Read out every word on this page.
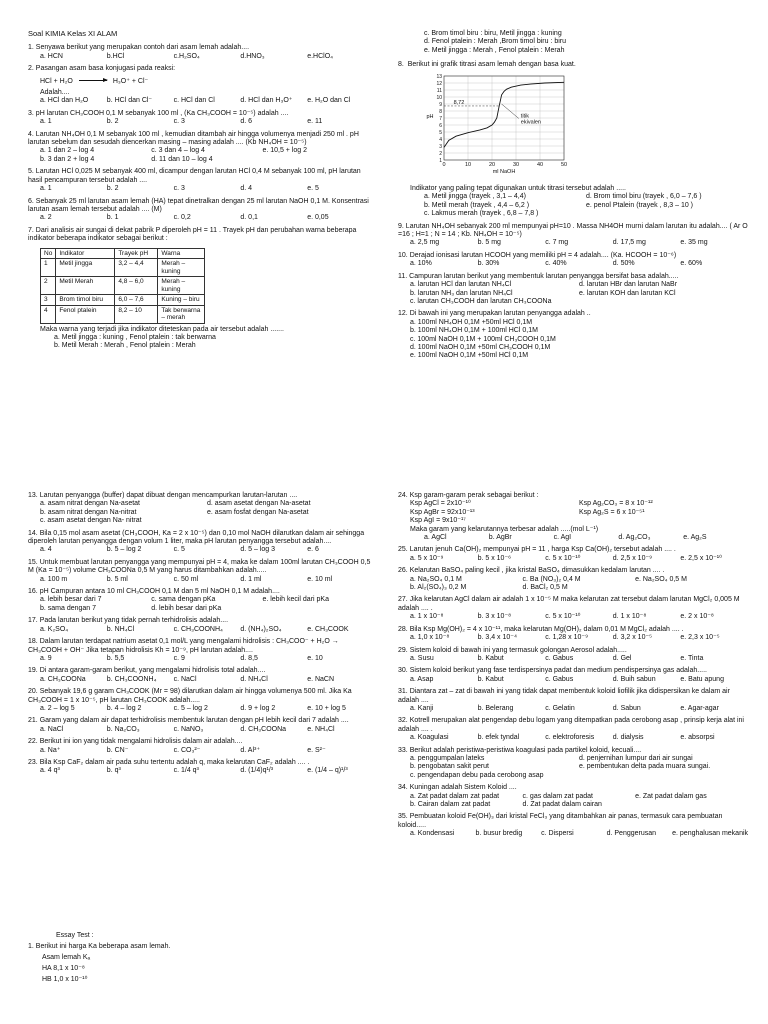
Soal KIMIA Kelas XI ALAM
1. Senyawa berikut yang merupakan contoh dari asam lemah adalah....
a. HCN	b.HCl	c.H₂SO₄	d.HNO₃	e.HClO₄
2. Pasangan asam basa konjugasi pada reaksi:
HCl + H₂O → H₃O⁺ + Cl⁻
Adalah....
a. HCl dan H₂O	b. HCl dan Cl⁻	c. HCl dan Cl	d. HCl dan H₃O⁺	e. H₂O dan Cl
3. pH larutan CH₃COOH 0,1 M sebanyak 100 ml , (Ka CH₃COOH = 10⁻⁵) adalah ....
a. 1	b. 2	c. 3	d. 6	e. 11
4. Larutan NH₄OH 0,1 M sebanyak 100 ml , kemudian ditambah air hingga volumenya menjadi 250 ml . pH larutan sebelum dan sesudah diencerkan masing – masing adalah .... (Kb NH₄OH = 10⁻⁵)
a. 1 dan 2 – log 4	c. 3 dan 4 – log 4	e. 10,5 + log 2
b. 3 dan 2 + log 4	d. 11 dan 10 – log 4
5. Larutan HCl 0,025 M sebanyak 400 ml, dicampur dengan larutan HCl 0,4 M sebanyak 100 ml, pH larutan hasil pencampuran tersebut adalah ....
a. 1	b. 2	c. 3	d. 4	e. 5
6. Sebanyak 25 ml larutan asam lemah (HA) tepat dinetralkan dengan 25 ml larutan NaOH 0,1 M. Konsentrasi larutan asam lemah tersebut adalah .... (M)
a. 2	b. 1	c. 0,2	d. 0,1	e. 0,05
7. Dari analisis air sungai di dekat pabrik P diperoleh pH = 11 . Trayek pH dan perubahan warna beberapa indikator beberapa indikator sebagai berikut :
No	Indikator	Trayek pH	Warna
1	Metil jingga	3,2 – 4,4	Merah – kuning
2	Metil Merah	4,8 – 6,0	Merah – kuning
3	Brom timol biru	6,0 – 7,6	Kuning – biru
4	Fenol ptalein	8,2 – 10	Tak berwarna – merah
Maka warna yang terjadi jika indikator diteteskan pada air tersebut adalah .......
a. Metil jingga : kuning , Fenol ptalein : tak berwarna
b. Metil Merah : Merah , Fenol ptalein : Merah
c. Brom timol biru : biru, Metil jingga : kuning
d. Fenol ptalein : Merah ,Brom timol biru : biru
e. Metil jingga : Merah , Fenol ptalein : Merah
8.  Berikut ini grafik titrasi asam lemah dengan basa kuat.
0	10	20	30	40	50
1
2
3
4
5
6
7
8
9
10
11
12
13
ml NaOH
pH
8,72
titik
ekivalen
Indikator yang paling tepat digunakan untuk titrasi tersebut adalah .....
a. Metil jingga (trayek , 3,1 – 4,4)	d. Brom timol biru (trayek , 6,0 – 7,6 )
b. Metil merah (trayek , 4,4 – 6,2 )	e. penol Ptalein (trayek , 8,3 – 10 )
c. Lakmus merah (trayek , 6,8 – 7,8 )
9. Larutan NH₄OH sebanyak 200 ml mempunyai pH=10 . Massa NH4OH murni dalam larutan itu adalah.... ( Ar O =16 ; H=1 ; N = 14 ; Kb. NH₄OH = 10⁻⁵)
a. 2,5 mg	b. 5 mg	c. 7 mg	d. 17,5 mg	e. 35 mg
10. Derajad ionisasi larutan HCOOH yang memiliki pH = 4 adalah.... (Ka. HCOOH = 10⁻⁶)
a. 10%	b. 30%	c. 40%	d. 50%	e. 60%
11. Campuran larutan berikut yang membentuk larutan penyangga bersifat basa adalah.....
a. larutan HCl dan larutan NH₄Cl	d. larutan HBr dan larutan NaBr
b. larutan NH₃ dan larutan NH₄Cl	e. larutan KOH dan larutan KCl
c. larutan CH₃COOH dan larutan CH₃COONa
12. Di bawah ini yang merupakan larutan penyangga adalah ..
a. 100ml NH₄OH 0,1M +50ml HCl 0,1M
b. 100ml NH₄OH 0,1M + 100ml HCl 0,1M
c. 100ml NaOH 0,1M + 100ml CH₃COOH 0,1M
d. 100ml NaOH 0,1M +50ml CH₃COOH 0,1M
e. 100ml NaOH 0,1M +50ml HCl 0,1M
13. Larutan penyangga (buffer) dapat dibuat dengan mencampurkan larutan-larutan ....
a. asam nitrat dengan Na-asetat	d. asam asetat dengan Na-asetat
b. asam nitrat dengan Na-nitrat	e. asam fosfat dengan Na-asetat
c. asam asetat dengan Na- nitrat
14. Bila 0,15 mol asam asetat (CH₃COOH, Ka = 2 x 10⁻⁵) dan 0,10 mol NaOH dilarutkan dalam air sehingga diperoleh larutan penyangga dengan volum 1 liter, maka pH larutan penyangga tersebut adalah....
a. 4	b. 5 – log 2	c. 5	d. 5 – log 3	e. 6
15. Untuk membuat larutan penyangga yang mempunyai pH = 4, maka ke dalam 100ml larutan CH₃COOH 0,5 M (Ka = 10⁻⁵) volume CH₃COONa 0,5 M yang harus ditambahkan adalah.....
a. 100 m	b. 5 ml	c. 50 ml	d. 1 ml	e. 10 ml
16. pH Campuran antara 10 ml CH₃COOH 0,1 M dan 5 ml NaOH 0,1 M adalah....
a. lebih besar dari 7	c. sama dengan pKa	e. lebih kecil dari pKa
b. sama dengan 7	d. lebih besar dari pKa
17. Pada larutan berikut yang tidak pernah terhidrolisis adalah....
a. K₂SO₄	b. NH₄Cl	c. CH₃COONH₄	d. (NH₄)₂SO₄	e. CH₃COOK
18. Dalam larutan terdapat natrium asetat 0,1 mol/L yang mengalami hidrolisis : CH₃COO⁻ + H₂O → CH₃COOH + OH⁻ Jika tetapan hidrolisis Kh = 10⁻⁹, pH larutan adalah....
a. 9	b. 5,5	c. 9	d. 8,5	e. 10
19. Di antara garam-garam berikut, yang mengalami hidrolisis total adalah....
a. CH₃COONa	b. CH₃COONH₄	c. NaCl	d. NH₄Cl	e. NaCN
20. Sebanyak 19,6 g garam CH₃COOK (Mr = 98) dilarutkan dalam air hingga volumenya 500 ml. Jika Ka CH₃COOH = 1 x 10⁻⁵, pH larutan CH₃COOK adalah.....
a. 2 – log 5	b. 4 – log 2	c. 5 – log 2	d. 9 + log 2	e. 10 + log 5
21. Garam yang dalam air dapat terhidrolisis membentuk larutan dengan pH lebih kecil dari 7 adalah ....
a. NaCl	b. Na₂CO₃	c. NaNO₃	d. CH₃COONa	e. NH₄Cl
22. Berikut ini ion yang tidak mengalami hidrolisis dalam air adalah....
a. Na⁺	b. CN⁻	c. CO₃²⁻	d. Al³⁺	e. S²⁻
23. Bila Ksp CaF₂ dalam air pada suhu tertentu adalah q, maka kelarutan CaF₂ adalah .... .
a. 4 q³	b. q³	c. 1/4 q³	d. (1/4)q¹/³	e. (1/4 – q)¹/³
24. Ksp garam-garam perak sebagai berikut :
Ksp AgCl = 2x10⁻¹⁰	Ksp Ag₂CO₃ = 8 x 10⁻¹²
Ksp AgBr = 92x10⁻¹³	Ksp Ag₂S = 6 x 10⁻⁵¹
Ksp AgI = 9x10⁻¹⁷
Maka garam yang kelarutannya terbesar adalah .....(mol L⁻¹)
a. AgCl	b. AgBr	c. AgI	d. Ag₂CO₃	e. Ag₂S
25. Larutan jenuh Ca(OH)₂ mempunyai pH = 11 , harga Ksp Ca(OH)₂ tersebut adalah .... .
a. 5 x 10⁻⁹	b. 5 x 10⁻⁶	c. 5 x 10⁻¹⁰	d. 2,5 x 10⁻⁹	e. 2,5 x 10⁻¹⁰
26. Kelarutan BaSO₄ paling kecil , jika kristal BaSO₄ dimasukkan kedalam larutan .... .
a. Na₂SO₄ 0,1 M	c. Ba (NO₃)₂ 0,4 M	e. Na₂SO₄ 0,5 M
b. Al₂(SO₄)₃ 0,2 M	d. BaCl₂ 0,5 M
27. Jika kelarutan AgCl dalam air adalah 1 x 10⁻⁵ M maka kelarutan zat tersebut dalam larutan MgCl₂ 0,005 M adalah .... .
a. 1 x 10⁻⁸	b. 3 x 10⁻⁸	c. 5 x 10⁻¹⁰	d. 1 x 10⁻⁸	e. 2 x 10⁻⁸
28. Bila Ksp Mg(OH)₂ = 4 x 10⁻¹¹, maka kelarutan Mg(OH)₂ dalam 0,01 M MgCl₂ adalah .... .
a. 1,0 x 10⁻⁸	b. 3,4 x 10⁻⁴	c. 1,28 x 10⁻⁹	d. 3,2 x 10⁻⁵	e. 2,3 x 10⁻⁵
29. Sistem koloid di bawah ini yang termasuk golongan Aerosol adalah.....
a. Susu	b. Kabut	c. Gabus	d. Gel	e. Tinta
30. Sistem koloid berikut yang fase terdispersinya padat dan medium pendispersinya gas adalah.....
a. Asap	b. Kabut	c. Gabus	d. Buih sabun	e. Batu apung
31. Diantara zat – zat di bawah ini yang tidak dapat membentuk koloid liofilik jika didispersikan ke dalam air adalah ....
a. Kanji	b. Belerang	c. Gelatin	d. Sabun	e. Agar-agar
32. Kotrell merupakan alat pengendap debu logam yang ditempatkan pada cerobong asap , prinsip kerja alat ini adalah .... .
a. Koagulasi	b. efek tyndal	c. elektroforesis	d. dialysis	e. absorpsi
33. Berikut adalah peristiwa-peristiwa koagulasi pada partikel koloid, kecuali....
a. penggumpalan lateks	d. penjernihan lumpur dari air sungai
b. pengobatan sakit perut	e. pembentukan delta pada muara sungai.
c. pengendapan debu pada cerobong asap
34. Kuningan adalah Sistem Koloid ....
a. Zat padat dalam zat padat	c. gas dalam zat padat	e. Zat padat dalam gas
b. Cairan dalam zat padat	d. Zat padat dalam cairan
35. Pembuatan koloid Fe(OH)₃ dari kristal FeCl₃ yang ditambahkan air panas, termasuk cara pembuatan koloid.....
a. Kondensasi	b. busur bredig	c. Dispersi	d. Penggerusan	e. penghalusan mekanik
Essay Test :
1. Berikut ini harga Ka beberapa asam lemah.
Asam lemah Kₐ
HA 8,1 x 10⁻⁸
HB 1,0 x 10⁻¹⁰
